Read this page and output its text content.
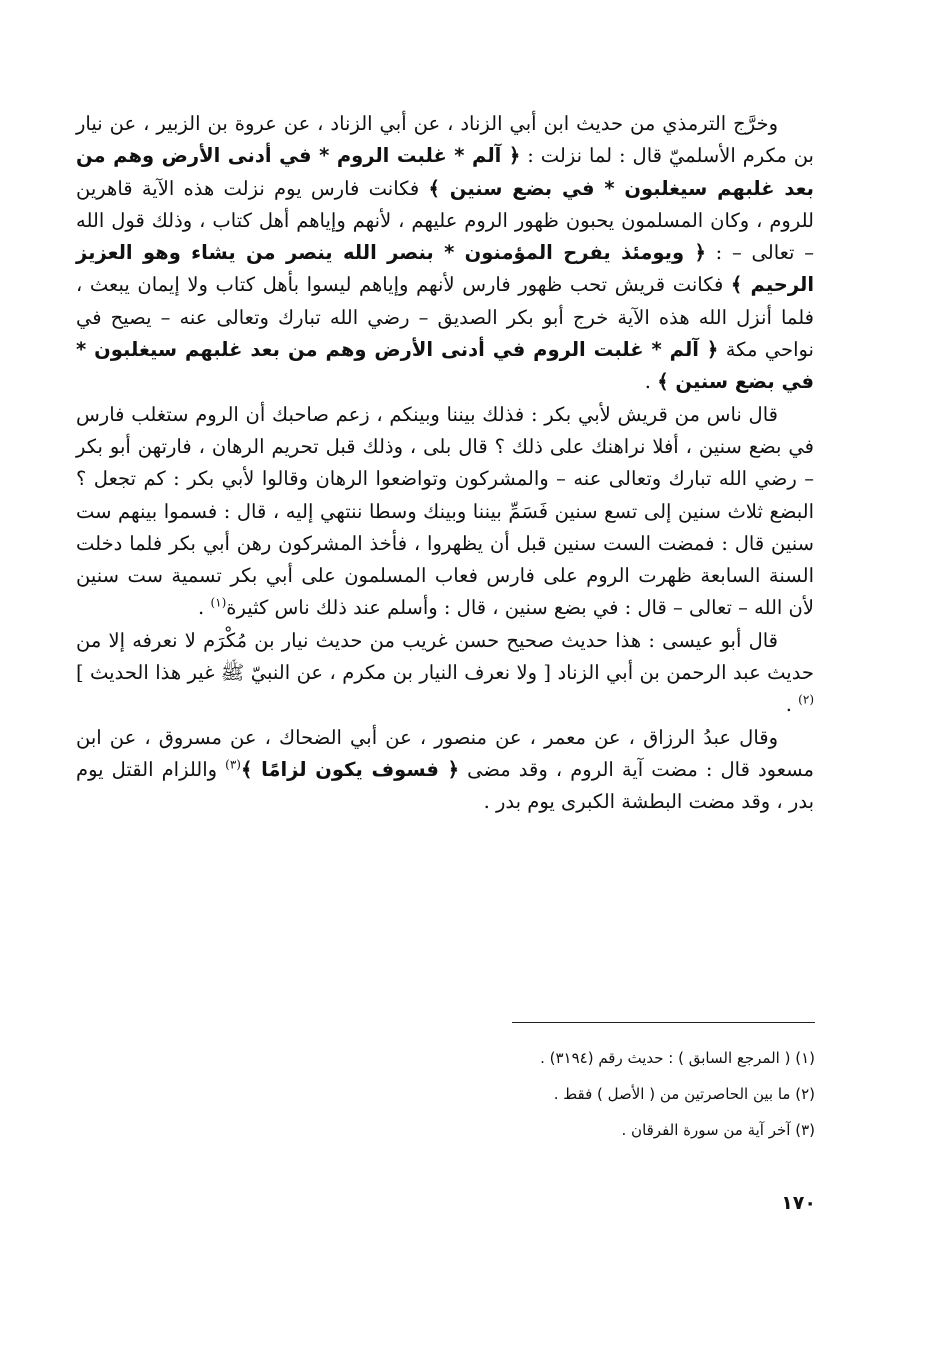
وخرَّج الترمذي من حديث ابن أبي الزناد ، عن أبي الزناد ، عن عروة بن الزبير ، عن نيار بن مكرم الأسلميّ قال : لما نزلت : ﴿ آلم * غلبت الروم * في أدنى الأرض وهم من بعد غلبهم سيغلبون * في بضع سنين ﴾ فكانت فارس يوم نزلت هذه الآية قاهرين للروم ، وكان المسلمون يحبون ظهور الروم عليهم ، لأنهم وإياهم أهل كتاب ، وذلك قول الله – تعالى – : ﴿ ويومئذ يفرح المؤمنون * بنصر الله ينصر من يشاء وهو العزيز الرحيم ﴾ فكانت قريش تحب ظهور فارس لأنهم وإياهم ليسوا بأهل كتاب ولا إيمان يبعث ، فلما أنزل الله هذه الآية خرج أبو بكر الصديق – رضي الله تبارك وتعالى عنه – يصيح في نواحي مكة ﴿ آلم * غلبت الروم في أدنى الأرض وهم من بعد غلبهم سيغلبون * في بضع سنين ﴾ .

قال ناس من قريش لأبي بكر : فذلك بيننا وبينكم ، زعم صاحبك أن الروم ستغلب فارس في بضع سنين ، أفلا نراهنك على ذلك ؟ قال بلى ، وذلك قبل تحريم الرهان ، فارتهن أبو بكر – رضي الله تبارك وتعالى عنه – والمشركون وتواضعوا الرهان وقالوا لأبي بكر : كم تجعل ؟ البضع ثلاث سنين إلى تسع سنين فَسَمِّ بيننا وبينك وسطا ننتهي إليه ، قال : فسموا بينهم ست سنين قال : فمضت الست سنين قبل أن يظهروا ، فأخذ المشركون رهن أبي بكر فلما دخلت السنة السابعة ظهرت الروم على فارس فعاب المسلمون على أبي بكر تسمية ست سنين لأن الله – تعالى – قال : في بضع سنين ، قال : وأسلم عند ذلك ناس كثيرة$^{(١)}$ .

قال أبو عيسى : هذا حديث صحيح حسن غريب من حديث نيار بن مُكْرَم لا نعرفه إلا من حديث عبد الرحمن بن أبي الزناد [ ولا نعرف النيار بن مكرم ، عن النبيّ ﷺ غير هذا الحديث ]$^{(٢)}$ .

وقال عبدُ الرزاق ، عن معمر ، عن منصور ، عن أبي الضحاك ، عن مسروق ، عن ابن مسعود قال : مضت آية الروم ، وقد مضى ﴿ فسوف يكون لزامًا ﴾$^{(٣)}$ واللزام القتل يوم بدر ، وقد مضت البطشة الكبرى يوم بدر .

(١) ( المرجع السابق ) : حديث رقم (٣١٩٤) .

(٢) ما بين الحاصرتين من ( الأصل ) فقط .

(٣) آخر آية من سورة الفرقان .

١٧٠
